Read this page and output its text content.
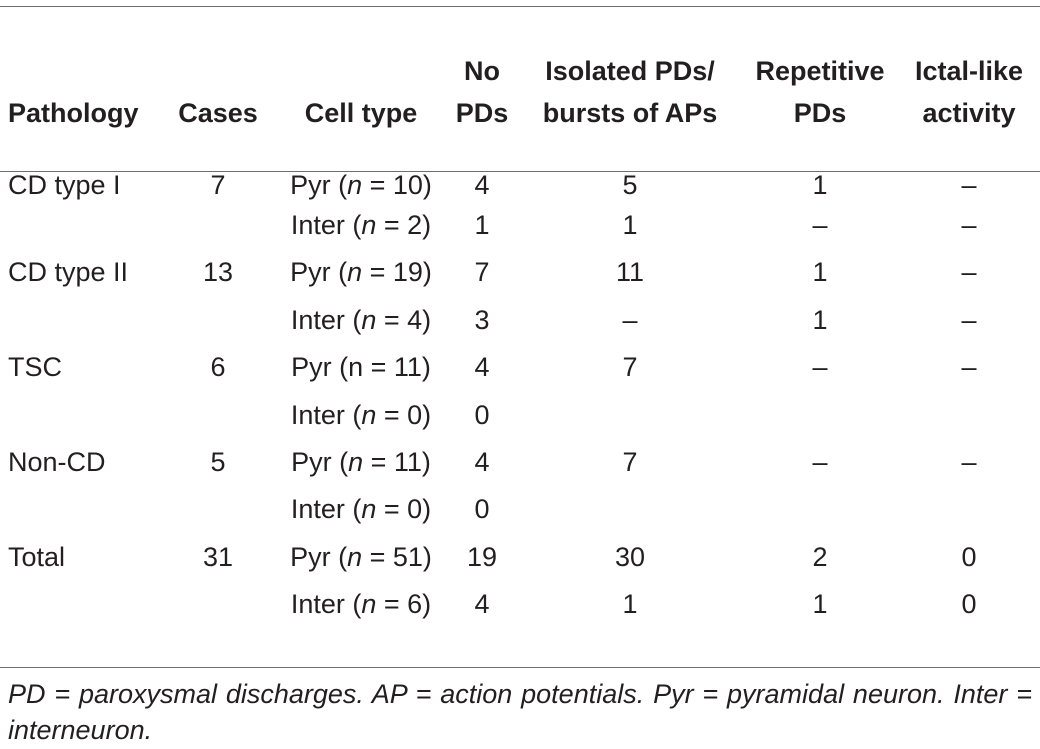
			No	Isolated PDs/	Repetitive	Ictal-like
Pathology	Cases	Cell type	PDs	bursts of APs	PDs	activity

CD type I	7	Pyr (n = 10)	4	5	1	–
		Inter (n = 2)	1	1	–	–
CD type II	13	Pyr (n = 19)	7	11	1	–
		Inter (n = 4)	3	–	1	–
TSC	6	Pyr (n = 11)	4	7	–	–
		Inter (n = 0)	0			
Non-CD	5	Pyr (n = 11)	4	7	–	–
		Inter (n = 0)	0			
Total	31	Pyr (n = 51)	19	30	2	0
		Inter (n = 6)	4	1	1	0
PD = paroxysmal discharges. AP = action potentials. Pyr = pyramidal neuron. Inter = interneuron.
